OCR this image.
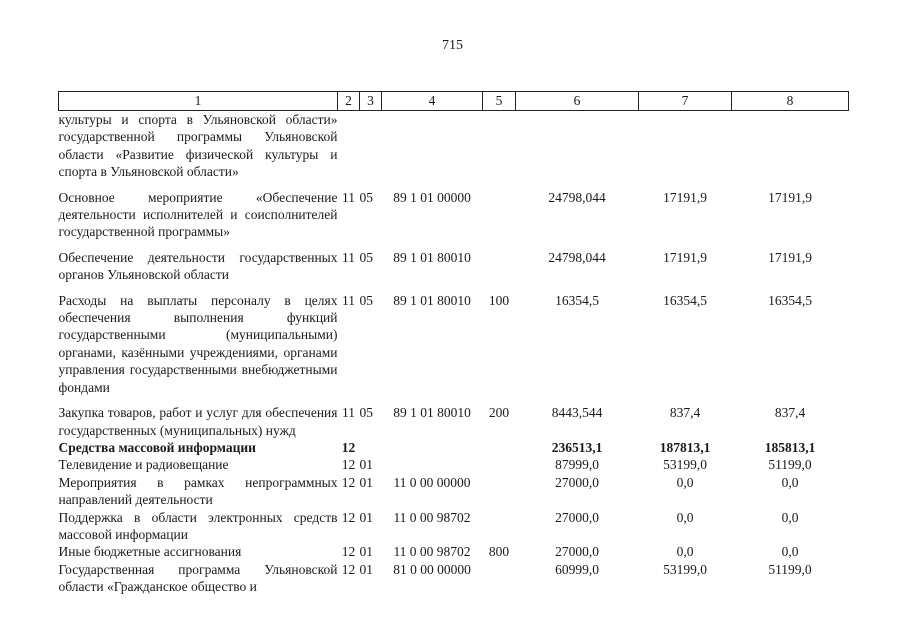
715
1	2	3	4	5	6	7	8
культуры и спорта в Ульяновской области» государственной программы Ульяновской области «Развитие физической культуры и спорта в Ульяновской области»							
Основное мероприятие «Обеспечение деятельности исполнителей и соисполнителей государственной программы»	11	05	89 1 01 00000		24798,044	17191,9	17191,9
Обеспечение деятельности государственных органов Ульяновской области	11	05	89 1 01 80010		24798,044	17191,9	17191,9
Расходы на выплаты персоналу в целях обеспечения выполнения функций государственными (муниципальными) органами, казёнными учреждениями, органами управления государственными внебюджетными фондами	11	05	89 1 01 80010	100	16354,5	16354,5	16354,5
Закупка товаров, работ и услуг для обеспечения государственных (муниципальных) нужд	11	05	89 1 01 80010	200	8443,544	837,4	837,4
Средства массовой информации	12				236513,1	187813,1	185813,1
Телевидение и радиовещание	12	01			87999,0	53199,0	51199,0
Мероприятия в рамках непрограммных направлений деятельности	12	01	11 0 00 00000		27000,0	0,0	0,0
Поддержка в области электронных средств массовой информации	12	01	11 0 00 98702		27000,0	0,0	0,0
Иные бюджетные ассигнования	12	01	11 0 00 98702	800	27000,0	0,0	0,0
Государственная программа Ульяновской области «Гражданское общество и	12	01	81 0 00 00000		60999,0	53199,0	51199,0
